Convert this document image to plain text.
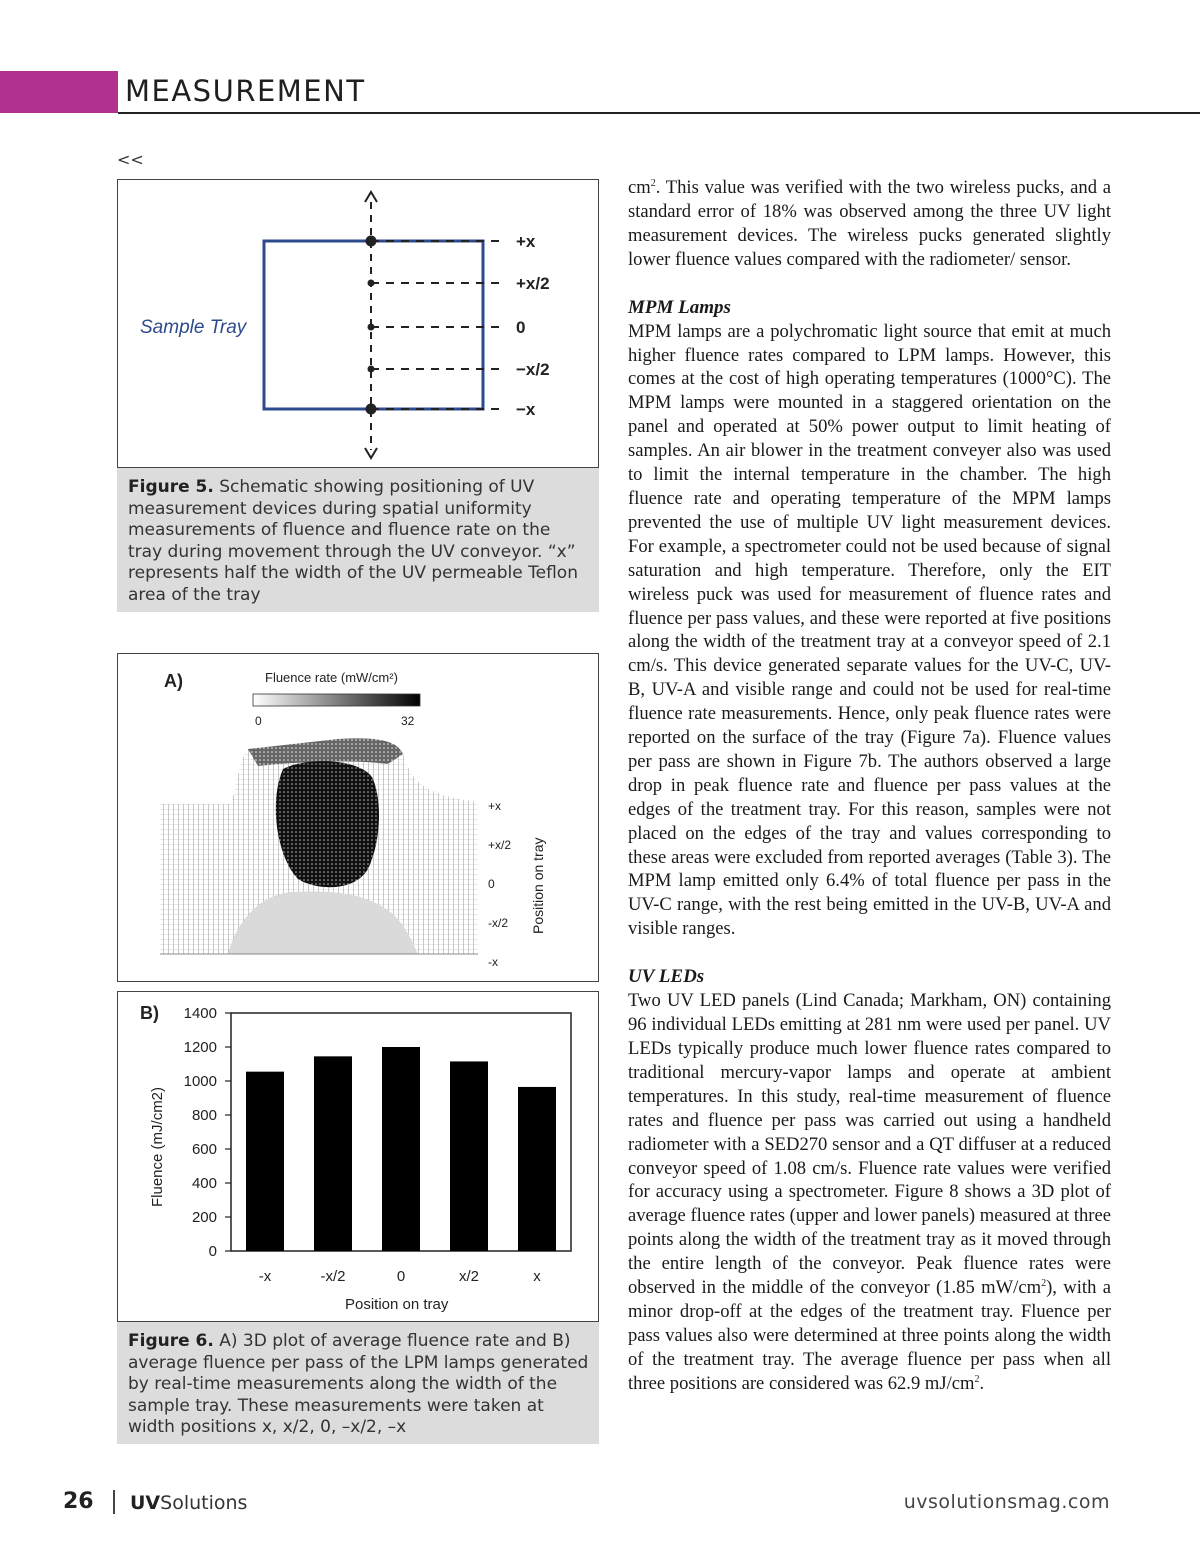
MEASUREMENT
<<
+x
+x/2
0
−x/2
−x
Sample Tray
Figure 5. Schematic showing positioning of UV measurement devices during spatial uniformity measurements of fluence and fluence rate on the tray during movement through the UV conveyor. “x” represents half the width of the UV permeable Teflon area of the tray
A)	Fluence rate (mW/cm²)
0	32
+x
+x/2
0
-x/2
-x
Position on tray
B)
Fluence (mJ/cm2)
Position on tray
0
200
400
600
800
1000
1200
1400
-x	-x/2	0	x/2	x
Figure 6. A) 3D plot of average fluence rate and B) average fluence per pass of the LPM lamps generated by real-time measurements along the width of the sample tray. These measurements were taken at width positions x, x/2, 0, –x/2, –x

$cm^2$. This value was verified with the two wireless pucks, and a standard error of 18% was observed among the three UV light measurement devices. The wireless pucks generated slightly lower fluence values compared with the radiometer/ sensor.

MPM Lamps

MPM lamps are a polychromatic light source that emit at much higher fluence rates compared to LPM lamps. However, this comes at the cost of high operating temperatures (1000°C). The MPM lamps were mounted in a staggered orientation on the panel and operated at 50% power output to limit heating of samples. An air blower in the treatment conveyer also was used to limit the internal temperature in the chamber. The high fluence rate and operating temperature of the MPM lamps prevented the use of multiple UV light measurement devices. For example, a spectrometer could not be used because of signal saturation and high temperature. Therefore, only the EIT wireless puck was used for measurement of fluence rates and fluence per pass values, and these were reported at five positions along the width of the treatment tray at a conveyor speed of 2.1 cm/s. This device generated separate values for the UV-C, UV-B, UV-A and visible range and could not be used for real-time fluence rate measurements. Hence, only peak fluence rates were reported on the surface of the tray (Figure 7a). Fluence values per pass are shown in Figure 7b. The authors observed a large drop in peak fluence rate and fluence per pass values at the edges of the treatment tray. For this reason, samples were not placed on the edges of the tray and values corresponding to these areas were excluded from reported averages (Table 3). The MPM lamp emitted only 6.4% of total fluence per pass in the UV-C range, with the rest being emitted in the UV-B, UV-A and visible ranges.

UV LEDs

Two UV LED panels (Lind Canada; Markham, ON) containing 96 individual LEDs emitting at 281 nm were used per panel. UV LEDs typically produce much lower fluence rates compared to traditional mercury-vapor lamps and operate at ambient temperatures. In this study, real-time measurement of fluence rates and fluence per pass was carried out using a handheld radiometer with a SED270 sensor and a QT diffuser at a reduced conveyor speed of 1.08 cm/s. Fluence rate values were verified for accuracy using a spectrometer. Figure 8 shows a 3D plot of average fluence rates (upper and lower panels) measured at three points along the width of the treatment tray as it moved through the entire length of the conveyor. Peak fluence rates were observed in the middle of the conveyor (1.85 $mW/cm^2$), with a minor drop-off at the edges of the treatment tray. Fluence per pass values also were determined at three points along the width of the treatment tray. The average fluence per pass when all three positions are considered was 62.9 $mJ/cm^2$.

26 UVSolutions	uvsolutionsmag.com
